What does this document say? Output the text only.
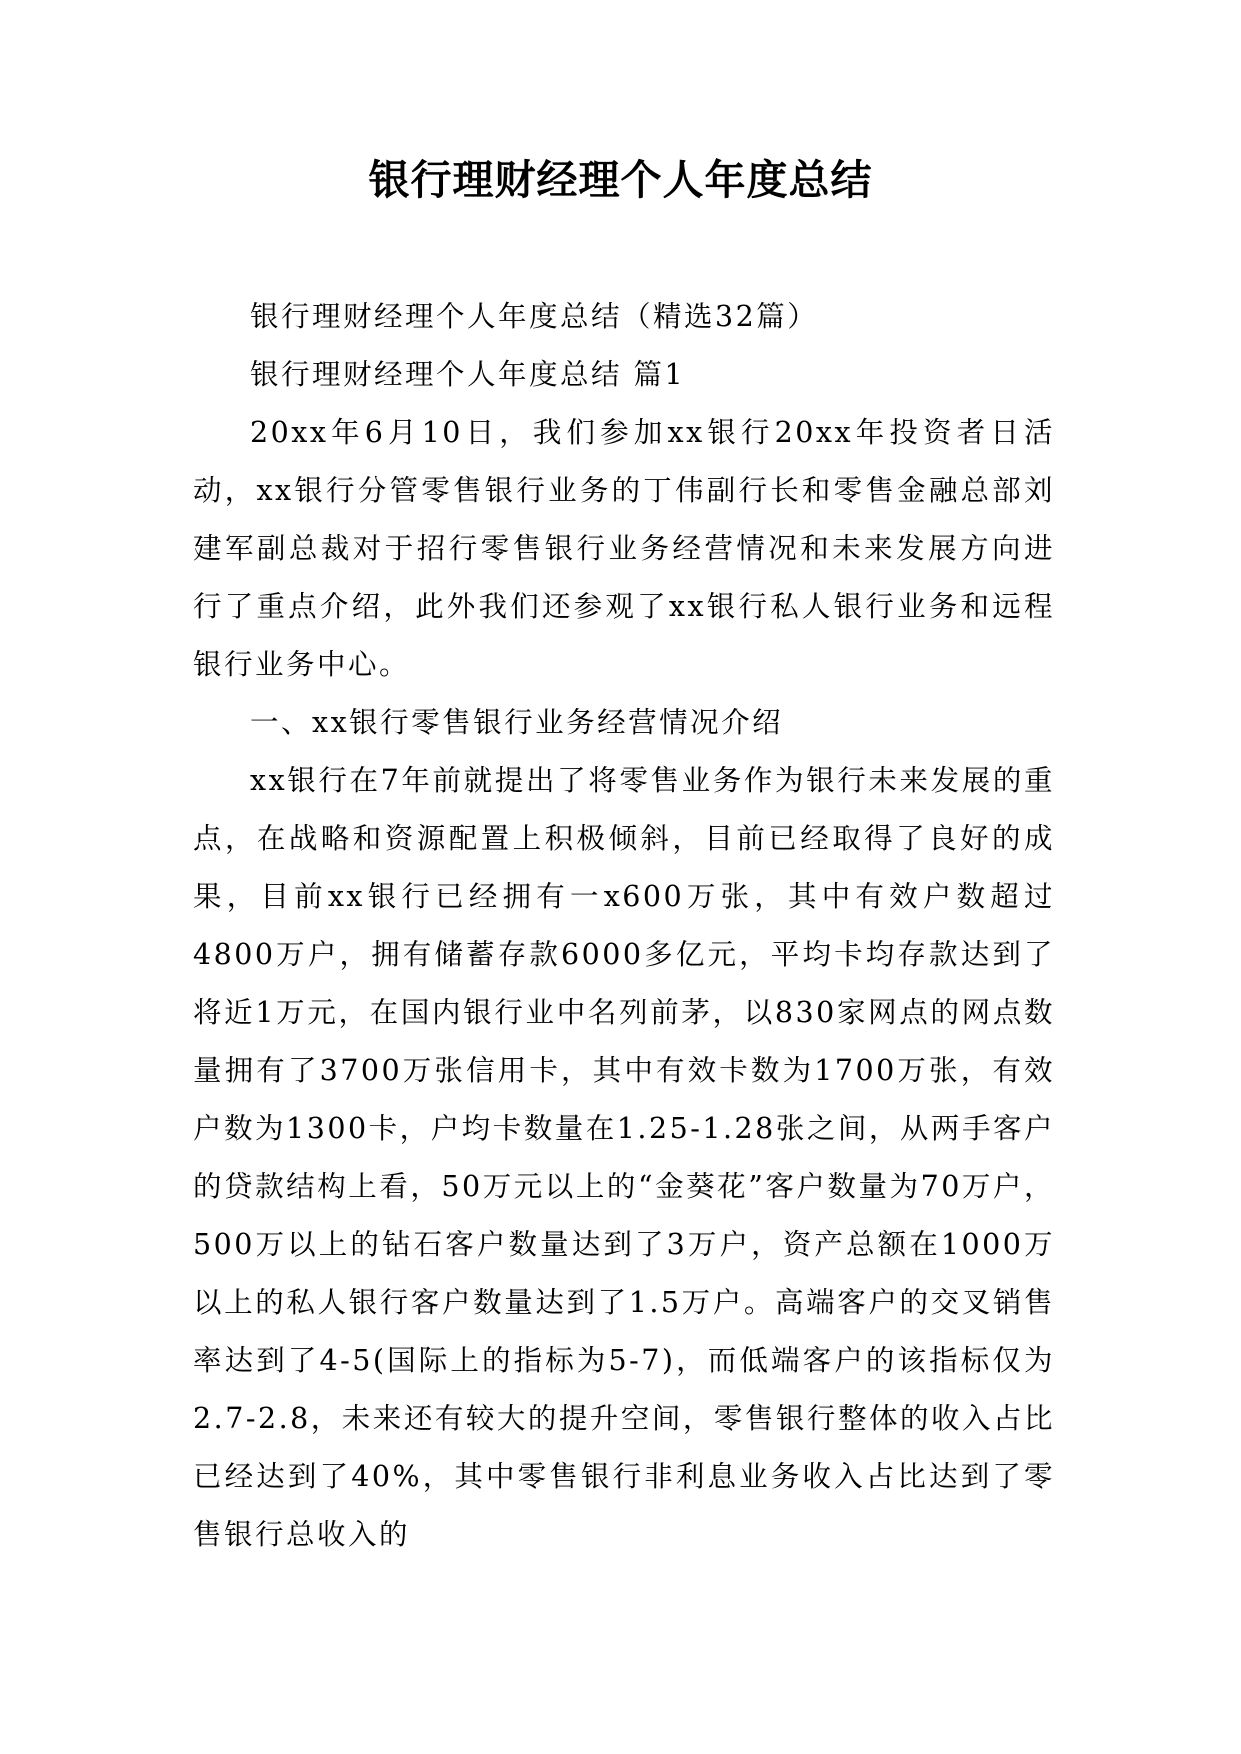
银行理财经理个人年度总结

银行理财经理个人年度总结（精选32篇）

银行理财经理个人年度总结 篇1

20xx年6月10日，我们参加xx银行20xx年投资者日活动，xx银行分管零售银行业务的丁伟副行长和零售金融总部刘建军副总裁对于招行零售银行业务经营情况和未来发展方向进行了重点介绍，此外我们还参观了xx银行私人银行业务和远程银行业务中心。

一、xx银行零售银行业务经营情况介绍

xx银行在7年前就提出了将零售业务作为银行未来发展的重点，在战略和资源配置上积极倾斜，目前已经取得了良好的成果，目前xx银行已经拥有一x600万张，其中有效户数超过4800万户，拥有储蓄存款6000多亿元，平均卡均存款达到了将近1万元，在国内银行业中名列前茅，以830家网点的网点数量拥有了3700万张信用卡，其中有效卡数为1700万张，有效户数为1300卡，户均卡数量在1.25-1.28张之间，从两手客户的贷款结构上看，50万元以上的“金葵花”客户数量为70万户，500万以上的钻石客户数量达到了3万户，资产总额在1000万以上的私人银行客户数量达到了1.5万户。高端客户的交叉销售率达到了4-5(国际上的指标为5-7)，而低端客户的该指标仅为2.7-2.8，未来还有较大的提升空间，零售银行整体的收入占比已经达到了40%，其中零售银行非利息业务收入占比达到了零售银行总收入的
